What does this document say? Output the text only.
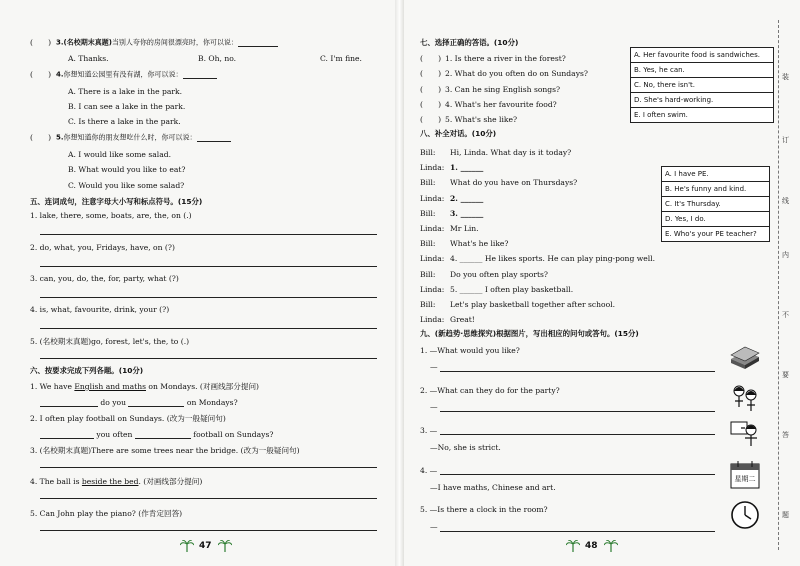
(　　) 3.(名校期末真题)当别人夸你的房间很漂亮时，你可以说：
A. Thanks.	B. Oh, no.	C. I'm fine.
(　　) 4.你想知道公园里有没有湖，你可以说：
A. There is a lake in the park.
B. I can see a lake in the park.
C. Is there a lake in the park.
(　　) 5.你想知道你的朋友想吃什么时，你可以说：
A. I would like some salad.
B. What would you like to eat?
C. Would you like some salad?
五、连词成句，注意字母大小写和标点符号。(15分)
1. lake, there, some, boats, are, the, on (.)
2. do, what, you, Fridays, have, on (?)
3. can, you, do, the, for, party, what (?)
4. is, what, favourite, drink, your (?)
5. (名校期末真题)go, forest, let's, the, to (.)
六、按要求完成下列各题。(10分)
1. We have English and maths on Mondays. (对画线部分提问)
do you	on Mondays?
2. I often play football on Sundays. (改为一般疑问句)
you often	football on Sundays?
3. (名校期末真题)There are some trees near the bridge. (改为一般疑问句)
4. The ball is beside the bed. (对画线部分提问)
5. Can John play the piano? (作肯定回答)
47
七、选择正确的答语。(10分)
(　　) 1. Is there a river in the forest?
(　　) 2. What do you often do on Sundays?
(　　) 3. Can he sing English songs?
(　　) 4. What's her favourite food?
(　　) 5. What's she like?
A. Her favourite food is sandwiches.
B. Yes, he can.
C. No, there isn't.
D. She's hard-working.
E. I often swim.
八、补全对话。(10分)
Bill: Hi, Linda. What day is it today?
Linda: 1. ______
Bill: What do you have on Thursdays?
Linda: 2. ______
Bill: 3. ______
Linda: Mr Lin.
Bill: What's he like?
Linda: 4. ______ He likes sports. He can play ping-pong well.
Bill: Do you often play sports?
Linda: 5. ______ I often play basketball.
Bill: Let's play basketball together after school.
Linda: Great!
A. I have PE.
B. He's funny and kind.
C. It's Thursday.
D. Yes, I do.
E. Who's your PE teacher?
九、(新趋势·思维探究)根据图片，写出相应的问句或答句。(15分)
1. —What would you like?
—
2. —What can they do for the party?
—
3. —
—No, she is strict.
4. —
—I have maths, Chinese and art.
5. —Is there a clock in the room?
—
星期二
48
装
订
线
内
不
要
答
题
